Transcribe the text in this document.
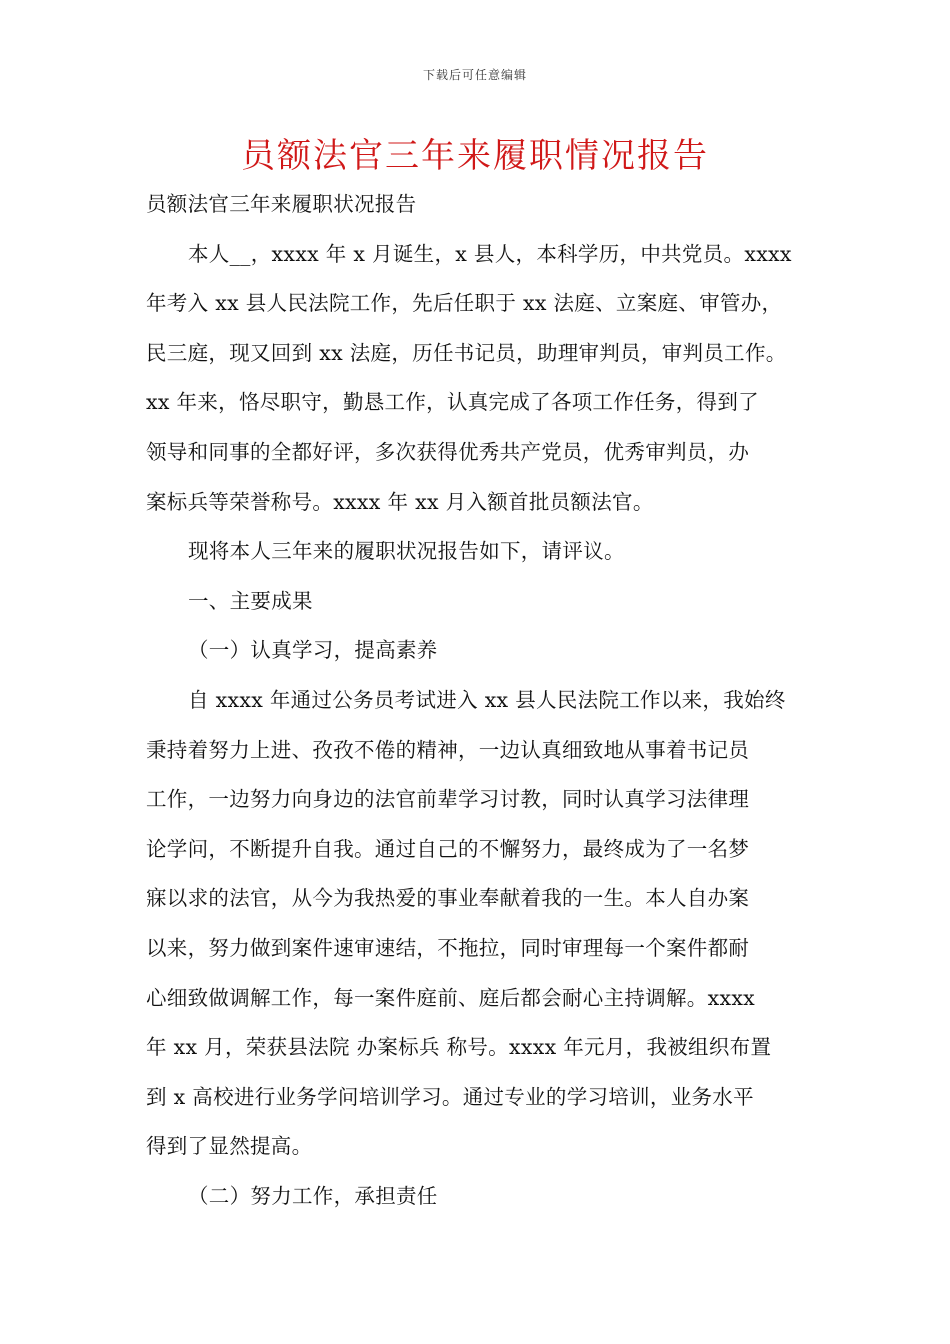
下载后可任意编辑
员额法官三年来履职情况报告
员额法官三年来履职状况报告
本人__，xxxx 年 x 月诞生，x 县人，本科学历，中共党员。xxxx
年考入 xx 县人民法院工作，先后任职于 xx 法庭、立案庭、审管办，
民三庭，现又回到 xx 法庭，历任书记员，助理审判员，审判员工作。
xx 年来，恪尽职守，勤恳工作，认真完成了各项工作任务，得到了
领导和同事的全都好评，多次获得优秀共产党员，优秀审判员，办
案标兵等荣誉称号。xxxx 年 xx 月入额首批员额法官。
现将本人三年来的履职状况报告如下，请评议。
一、主要成果
（一）认真学习，提高素养
自 xxxx 年通过公务员考试进入 xx 县人民法院工作以来，我始终
秉持着努力上进、孜孜不倦的精神，一边认真细致地从事着书记员
工作，一边努力向身边的法官前辈学习讨教，同时认真学习法律理
论学问，不断提升自我。通过自己的不懈努力，最终成为了一名梦
寐以求的法官，从今为我热爱的事业奉献着我的一生。本人自办案
以来，努力做到案件速审速结，不拖拉，同时审理每一个案件都耐
心细致做调解工作，每一案件庭前、庭后都会耐心主持调解。xxxx
年 xx 月，荣获县法院 办案标兵 称号。xxxx 年元月，我被组织布置
到 x 高校进行业务学问培训学习。通过专业的学习培训，业务水平
得到了显然提高。
（二）努力工作，承担责任
